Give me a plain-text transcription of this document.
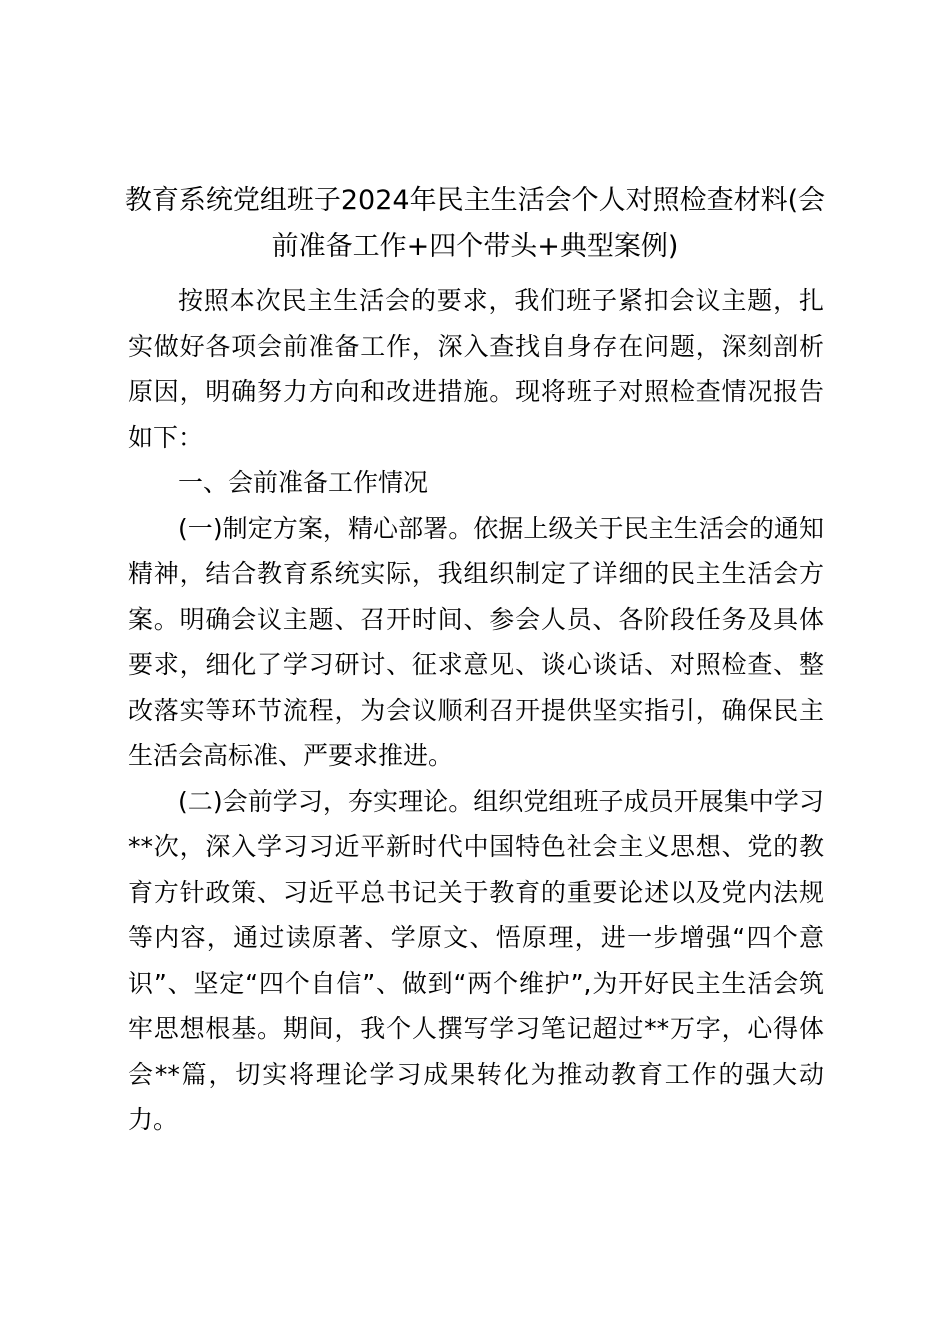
教育系统党组班子2024年民主生活会个人对照检查材料(会前准备工作+四个带头+典型案例)

按照本次民主生活会的要求，我们班子紧扣会议主题，扎实做好各项会前准备工作，深入查找自身存在问题，深刻剖析原因，明确努力方向和改进措施。现将班子对照检查情况报告如下：

一、会前准备工作情况

(一)制定方案，精心部署。依据上级关于民主生活会的通知精神，结合教育系统实际，我组织制定了详细的民主生活会方案。明确会议主题、召开时间、参会人员、各阶段任务及具体要求，细化了学习研讨、征求意见、谈心谈话、对照检查、整改落实等环节流程，为会议顺利召开提供坚实指引，确保民主生活会高标准、严要求推进。

(二)会前学习，夯实理论。组织党组班子成员开展集中学习**次，深入学习习近平新时代中国特色社会主义思想、党的教育方针政策、习近平总书记关于教育的重要论述以及党内法规等内容，通过读原著、学原文、悟原理，进一步增强“四个意识”、坚定“四个自信”、做到“两个维护”,为开好民主生活会筑牢思想根基。期间，我个人撰写学习笔记超过**万字，心得体会**篇，切实将理论学习成果转化为推动教育工作的强大动力。
